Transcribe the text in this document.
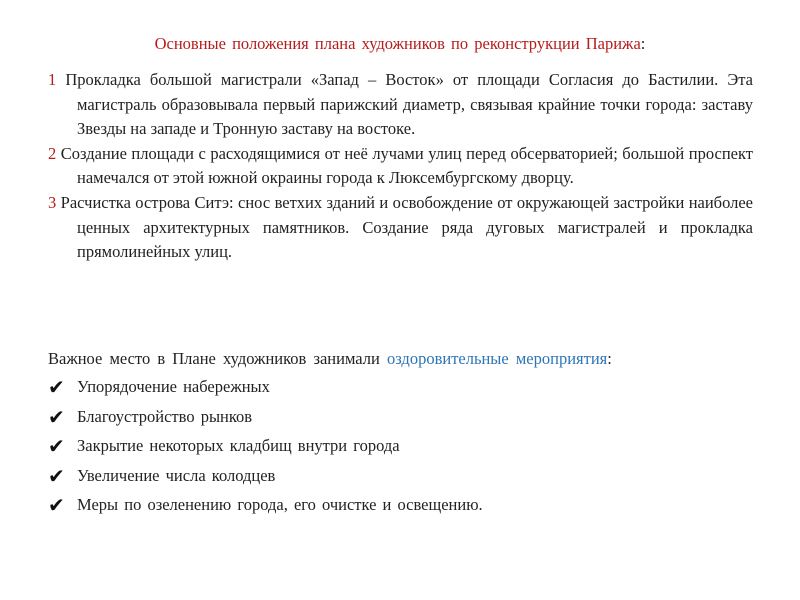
Основные положения плана художников по реконструкции Парижа:
1 Прокладка большой магистрали «Запад – Восток» от площади Согласия до Бастилии. Эта магистраль образовывала первый парижский диаметр, связывая крайние точки города: заставу Звезды на западе и Тронную заставу на востоке.
2 Создание площади с расходящимися от неё лучами улиц перед обсерваторией; большой проспект намечался от этой южной окраины города к Люксембургскому дворцу.
3 Расчистка острова Ситэ: снос ветхих зданий и освобождение от окружающей застройки наиболее ценных архитектурных памятников. Создание ряда дуговых магистралей и прокладка прямолинейных улиц.
Важное место в Плане художников занимали оздоровительные мероприятия:
✔ Упорядочение набережных
✔ Благоустройство рынков
✔ Закрытие некоторых кладбищ внутри города
✔ Увеличение числа колодцев
✔ Меры по озеленению города, его очистке и освещению.
